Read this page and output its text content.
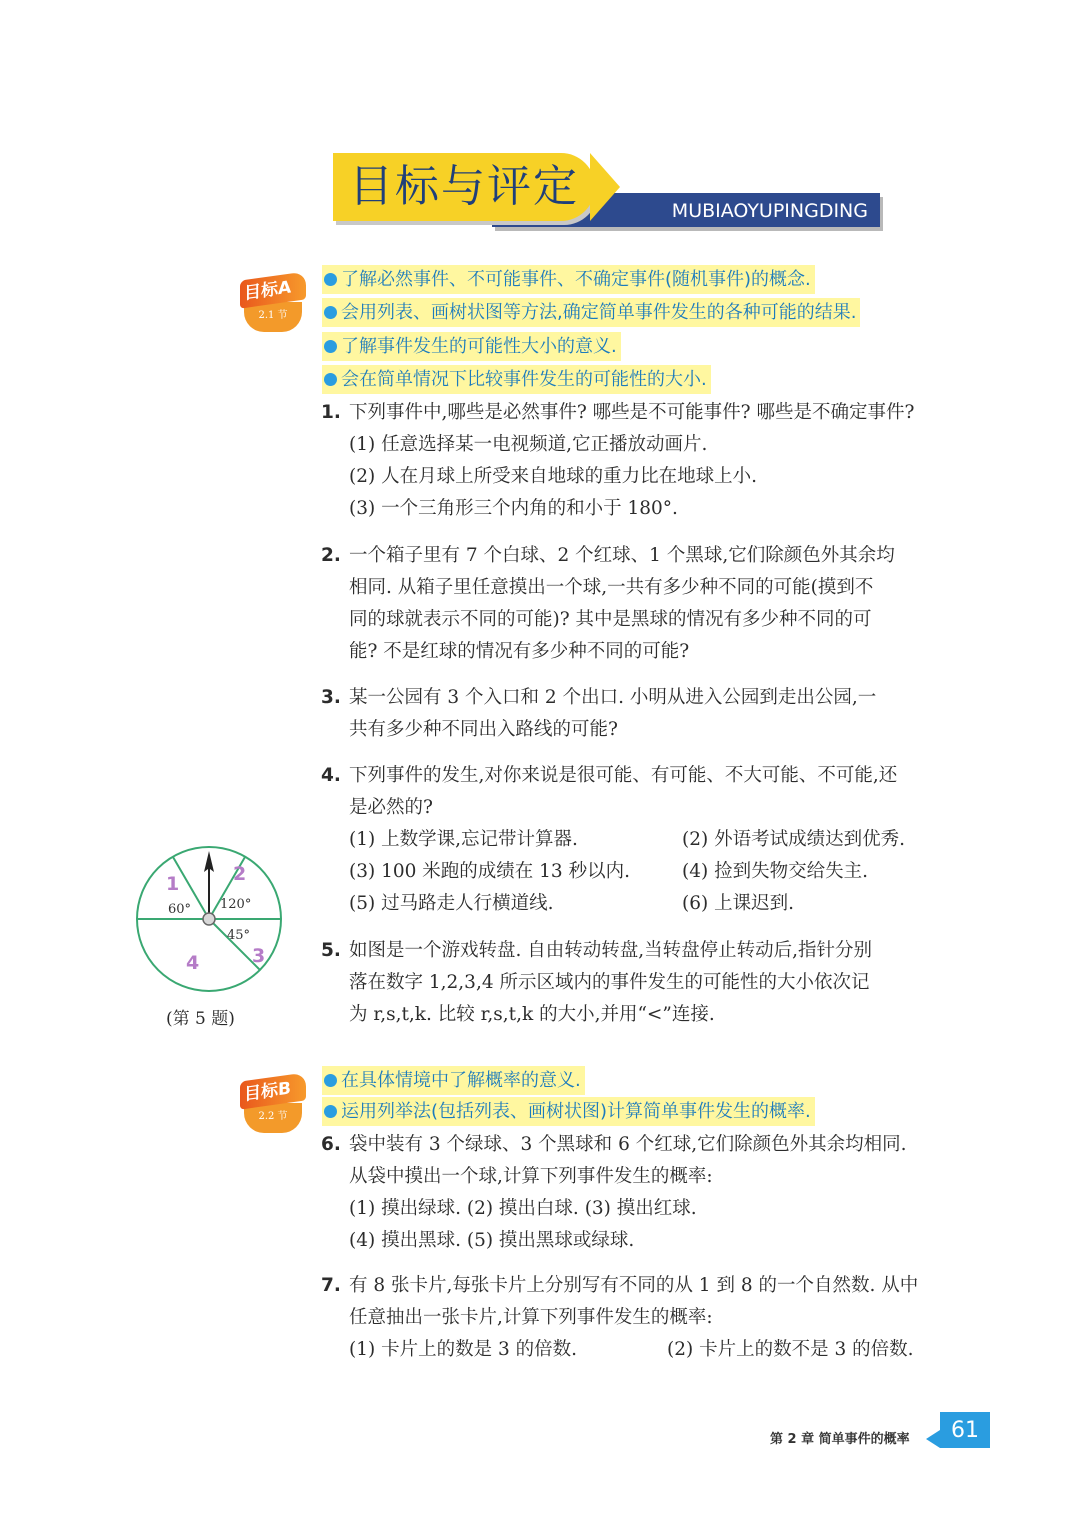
MUBIAOYUPINGDING
目标与评定
2.1 节
目标A	了解必然事件、不可能事件、不确定事件(随机事件)的概念.
会用列表、画树状图等方法,确定简单事件发生的各种可能的结果.
了解事件发生的可能性大小的意义.
会在简单情况下比较事件发生的可能性的大小.
1. 下列事件中,哪些是必然事件? 哪些是不可能事件? 哪些是不确定事件?
(1) 任意选择某一电视频道,它正播放动画片.
(2) 人在月球上所受来自地球的重力比在地球上小.
(3) 一个三角形三个内角的和小于 180°.
2. 一个箱子里有 7 个白球、2 个红球、1 个黑球,它们除颜色外其余均
相同. 从箱子里任意摸出一个球,一共有多少种不同的可能(摸到不
同的球就表示不同的可能)? 其中是黑球的情况有多少种不同的可
能? 不是红球的情况有多少种不同的可能?
3. 某一公园有 3 个入口和 2 个出口. 小明从进入公园到走出公园,一
共有多少种不同出入路线的可能?
4. 下列事件的发生,对你来说是很可能、有可能、不大可能、不可能,还
是必然的?
(1) 上数学课,忘记带计算器.	(2) 外语考试成绩达到优秀.
(3) 100 米跑的成绩在 13 秒以内.	(4) 捡到失物交给失主.
(5) 过马路走人行横道线.	(6) 上课迟到.
1	2
3
4
60° 120°
45°
(第 5 题)
5. 如图是一个游戏转盘. 自由转动转盘,当转盘停止转动后,指针分别
落在数字 1,2,3,4 所示区域内的事件发生的可能性的大小依次记
为 r,s,t,k. 比较 r,s,t,k 的大小,并用“<”连接.
2.2 节
目标B	在具体情境中了解概率的意义.
运用列举法(包括列表、画树状图)计算简单事件发生的概率.
6. 袋中装有 3 个绿球、3 个黑球和 6 个红球,它们除颜色外其余均相同.
从袋中摸出一个球,计算下列事件发生的概率:
(1) 摸出绿球. (2) 摸出白球. (3) 摸出红球.
(4) 摸出黑球. (5) 摸出黑球或绿球.
7. 有 8 张卡片,每张卡片上分别写有不同的从 1 到 8 的一个自然数. 从中
任意抽出一张卡片,计算下列事件发生的概率:
(1) 卡片上的数是 3 的倍数.	(2) 卡片上的数不是 3 的倍数.
第 2 章 简单事件的概率	61
